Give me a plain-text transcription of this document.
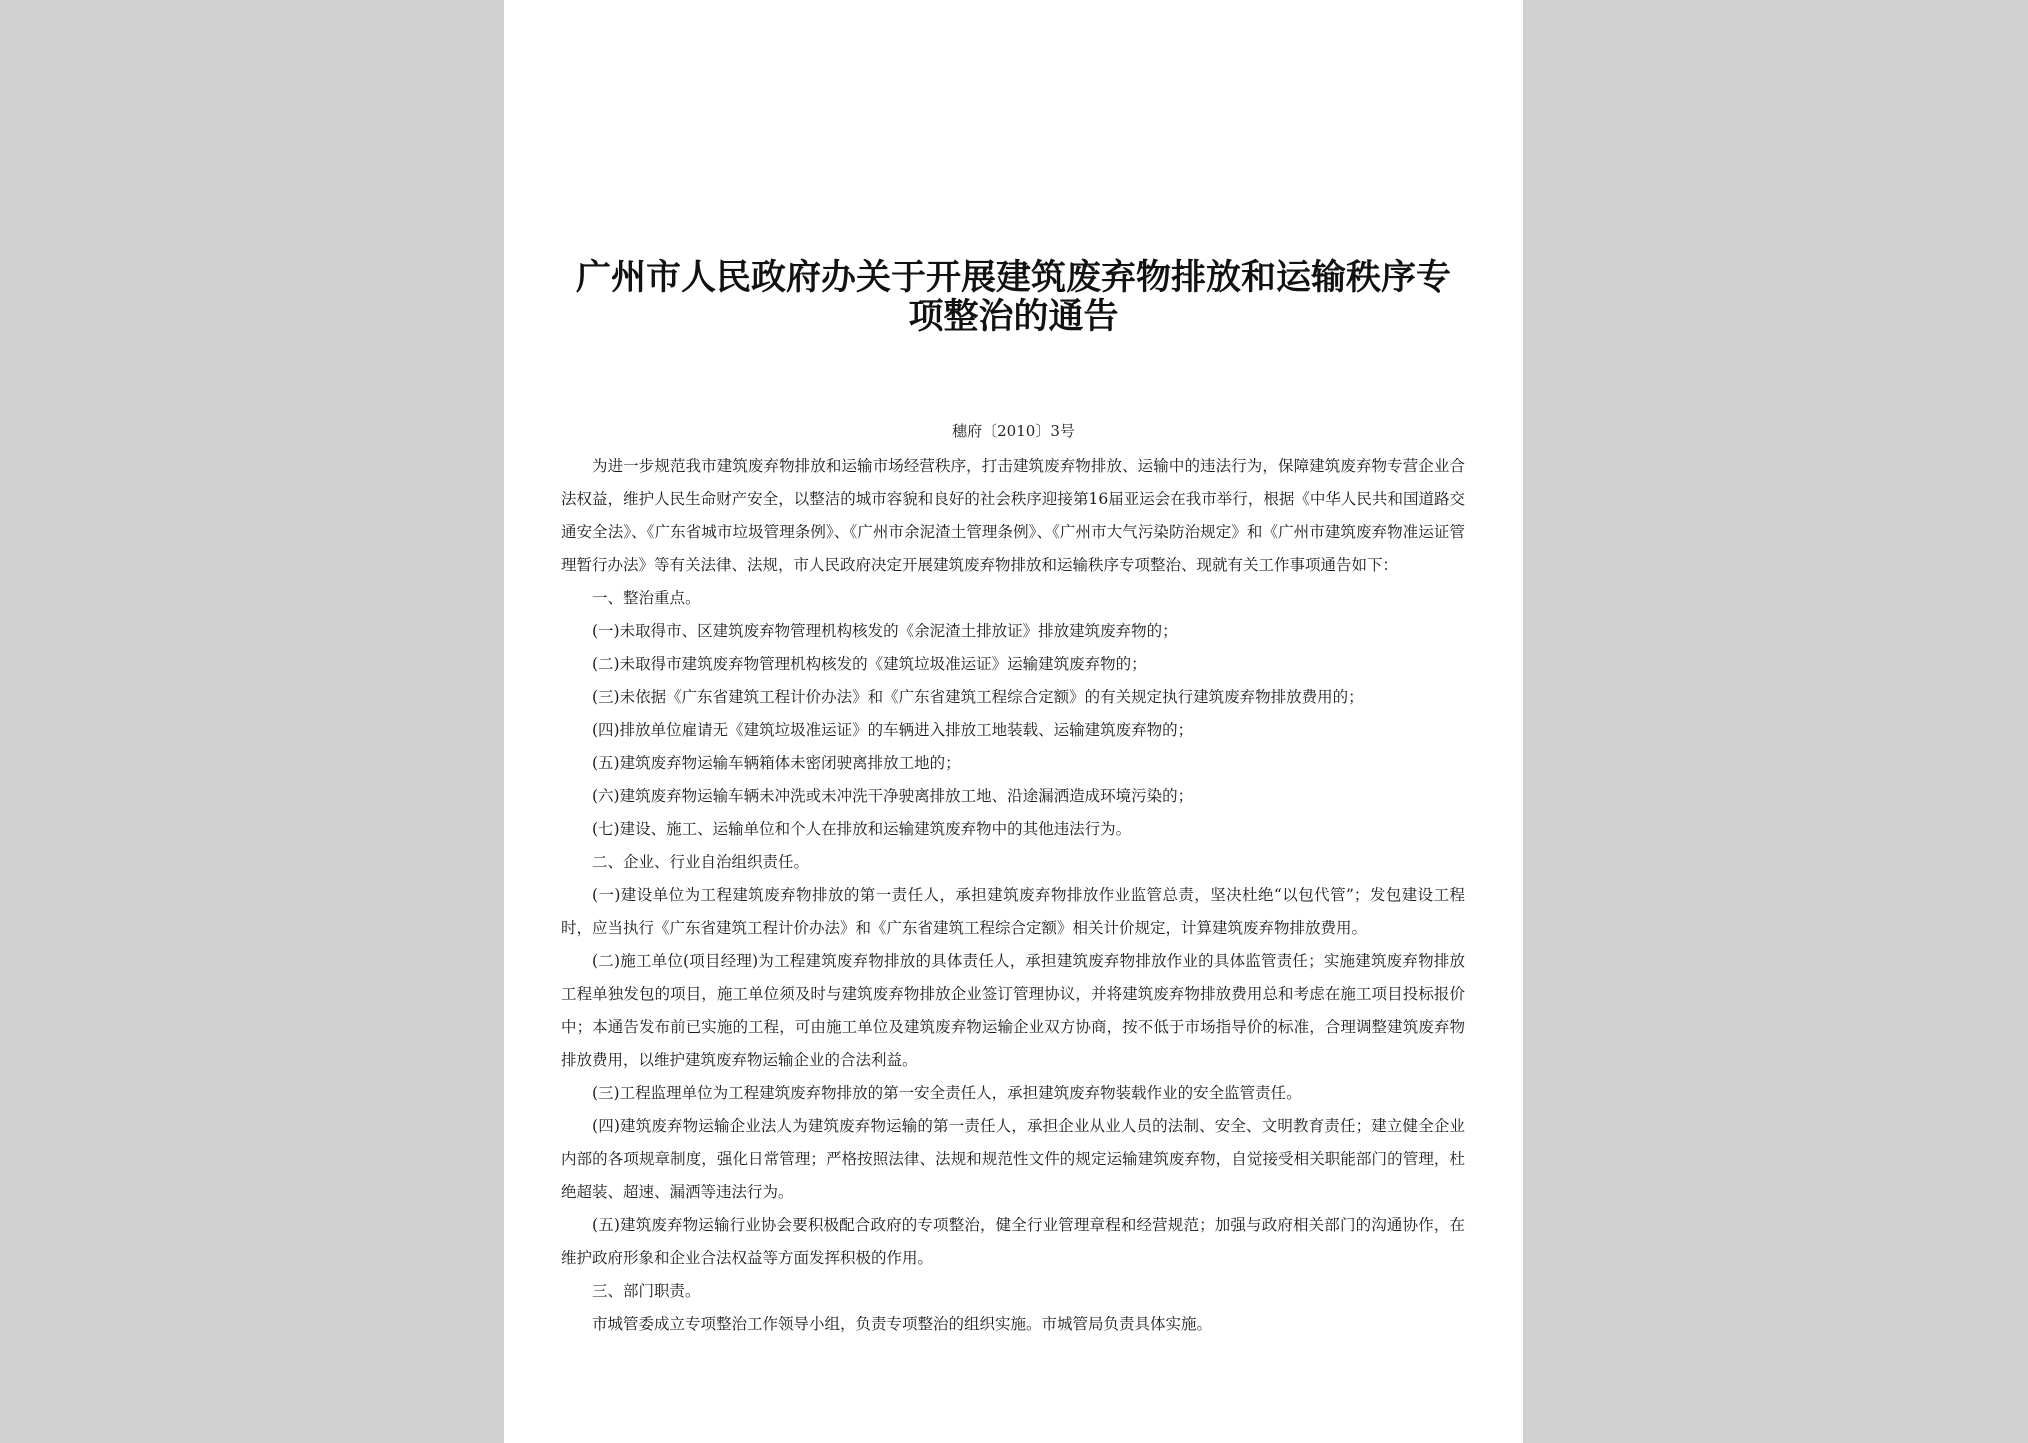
广州市人民政府办关于开展建筑废弃物排放和运输秩序专项整治的通告
穗府〔2010〕3号

为进一步规范我市建筑废弃物排放和运输市场经营秩序，打击建筑废弃物排放、运输中的违法行为，保障建筑废弃物专营企业合法权益，维护人民生命财产安全，以整洁的城市容貌和良好的社会秩序迎接第16届亚运会在我市举行，根据《中华人民共和国道路交通安全法》、《广东省城市垃圾管理条例》、《广州市余泥渣土管理条例》、《广州市大气污染防治规定》和《广州市建筑废弃物准运证管理暂行办法》等有关法律、法规，市人民政府决定开展建筑废弃物排放和运输秩序专项整治、现就有关工作事项通告如下：

一、整治重点。

(一)未取得市、区建筑废弃物管理机构核发的《余泥渣土排放证》排放建筑废弃物的；

(二)未取得市建筑废弃物管理机构核发的《建筑垃圾准运证》运输建筑废弃物的；

(三)未依据《广东省建筑工程计价办法》和《广东省建筑工程综合定额》的有关规定执行建筑废弃物排放费用的；

(四)排放单位雇请无《建筑垃圾准运证》的车辆进入排放工地装载、运输建筑废弃物的；

(五)建筑废弃物运输车辆箱体未密闭驶离排放工地的；

(六)建筑废弃物运输车辆未冲洗或未冲洗干净驶离排放工地、沿途漏洒造成环境污染的；

(七)建设、施工、运输单位和个人在排放和运输建筑废弃物中的其他违法行为。

二、企业、行业自治组织责任。

(一)建设单位为工程建筑废弃物排放的第一责任人，承担建筑废弃物排放作业监管总责，坚决杜绝“以包代管”；发包建设工程时，应当执行《广东省建筑工程计价办法》和《广东省建筑工程综合定额》相关计价规定，计算建筑废弃物排放费用。

(二)施工单位(项目经理)为工程建筑废弃物排放的具体责任人，承担建筑废弃物排放作业的具体监管责任；实施建筑废弃物排放工程单独发包的项目，施工单位须及时与建筑废弃物排放企业签订管理协议，并将建筑废弃物排放费用总和考虑在施工项目投标报价中；本通告发布前已实施的工程，可由施工单位及建筑废弃物运输企业双方协商，按不低于市场指导价的标准，合理调整建筑废弃物排放费用，以维护建筑废弃物运输企业的合法利益。

(三)工程监理单位为工程建筑废弃物排放的第一安全责任人，承担建筑废弃物装载作业的安全监管责任。

(四)建筑废弃物运输企业法人为建筑废弃物运输的第一责任人，承担企业从业人员的法制、安全、文明教育责任；建立健全企业内部的各项规章制度，强化日常管理；严格按照法律、法规和规范性文件的规定运输建筑废弃物，自觉接受相关职能部门的管理，杜绝超装、超速、漏洒等违法行为。

(五)建筑废弃物运输行业协会要积极配合政府的专项整治，健全行业管理章程和经营规范；加强与政府相关部门的沟通协作，在维护政府形象和企业合法权益等方面发挥积极的作用。

三、部门职责。

市城管委成立专项整治工作领导小组，负责专项整治的组织实施。市城管局负责具体实施。
